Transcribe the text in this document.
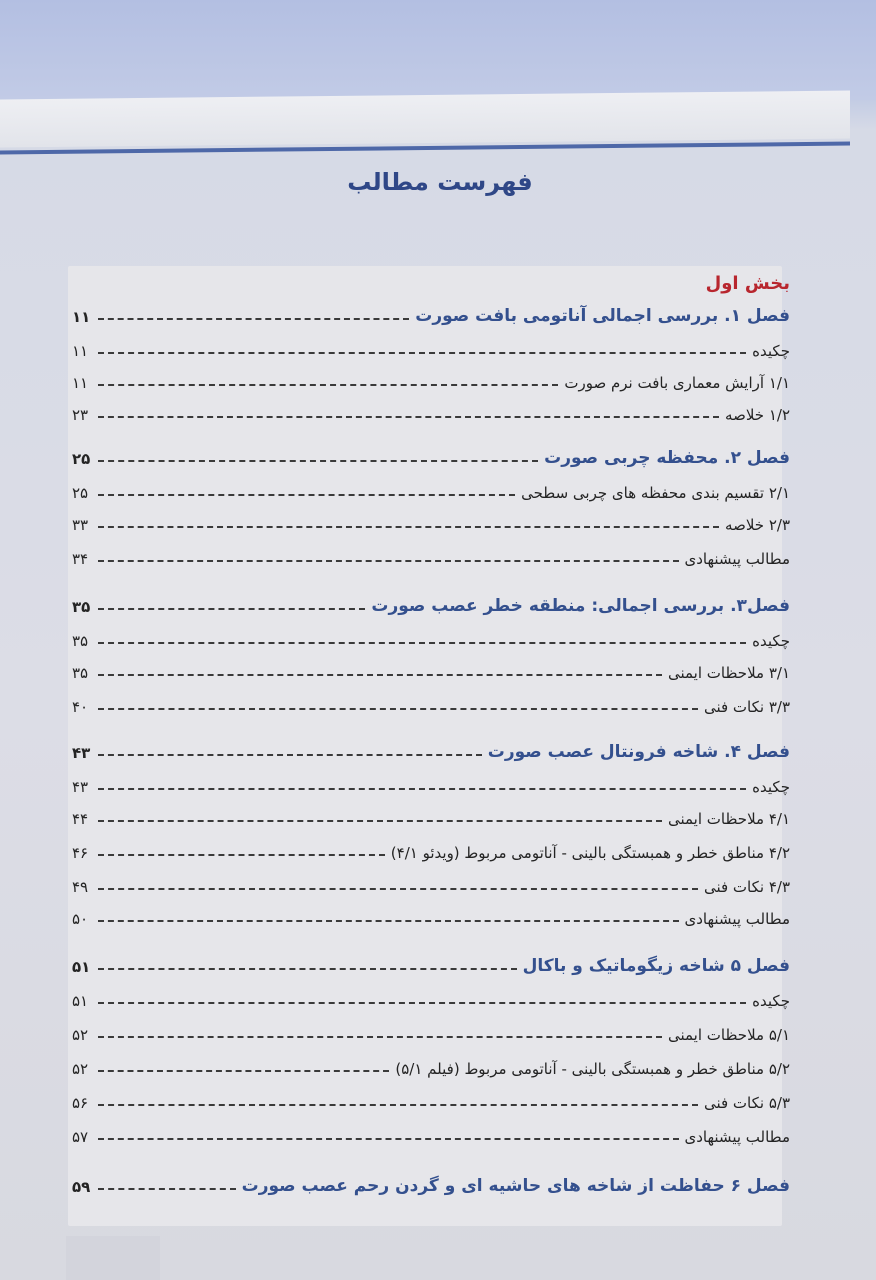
فهرست مطالب
بخش اول
فصل ۱. بررسی اجمالی آناتومی بافت صورت
۱۱
چکیده
۱۱
۱/۱ آرایش معماری بافت نرم صورت
۱۱
۱/۲ خلاصه
۲۳
فصل ۲. محفظه چربی صورت
۲۵
۲/۱ تقسیم بندی محفظه های چربی سطحی
۲۵
۲/۳ خلاصه
۳۳
مطالب پیشنهادی
۳۴
فصل۳. بررسی اجمالی: منطقه خطر عصب صورت
۳۵
چکیده
۳۵
۳/۱ ملاحظات ایمنی
۳۵
۳/۳ نکات فنی
۴۰
فصل ۴. شاخه فرونتال عصب صورت
۴۳
چکیده
۴۳
۴/۱ ملاحظات ایمنی
۴۴
۴/۲ مناطق خطر و همبستگی بالینی - آناتومی مربوط (ویدئو ۴/۱)
۴۶
۴/۳ نکات فنی
۴۹
مطالب پیشنهادی
۵۰
فصل ۵ شاخه زیگوماتیک و باکال
۵۱
چکیده
۵۱
۵/۱ ملاحظات ایمنی
۵۲
۵/۲ مناطق خطر و همبستگی بالینی - آناتومی مربوط (فیلم ۵/۱)
۵۲
۵/۳ نکات فنی
۵۶
مطالب پیشنهادی
۵۷
فصل ۶ حفاظت از شاخه های حاشیه ای و گردن رحم عصب صورت
۵۹
